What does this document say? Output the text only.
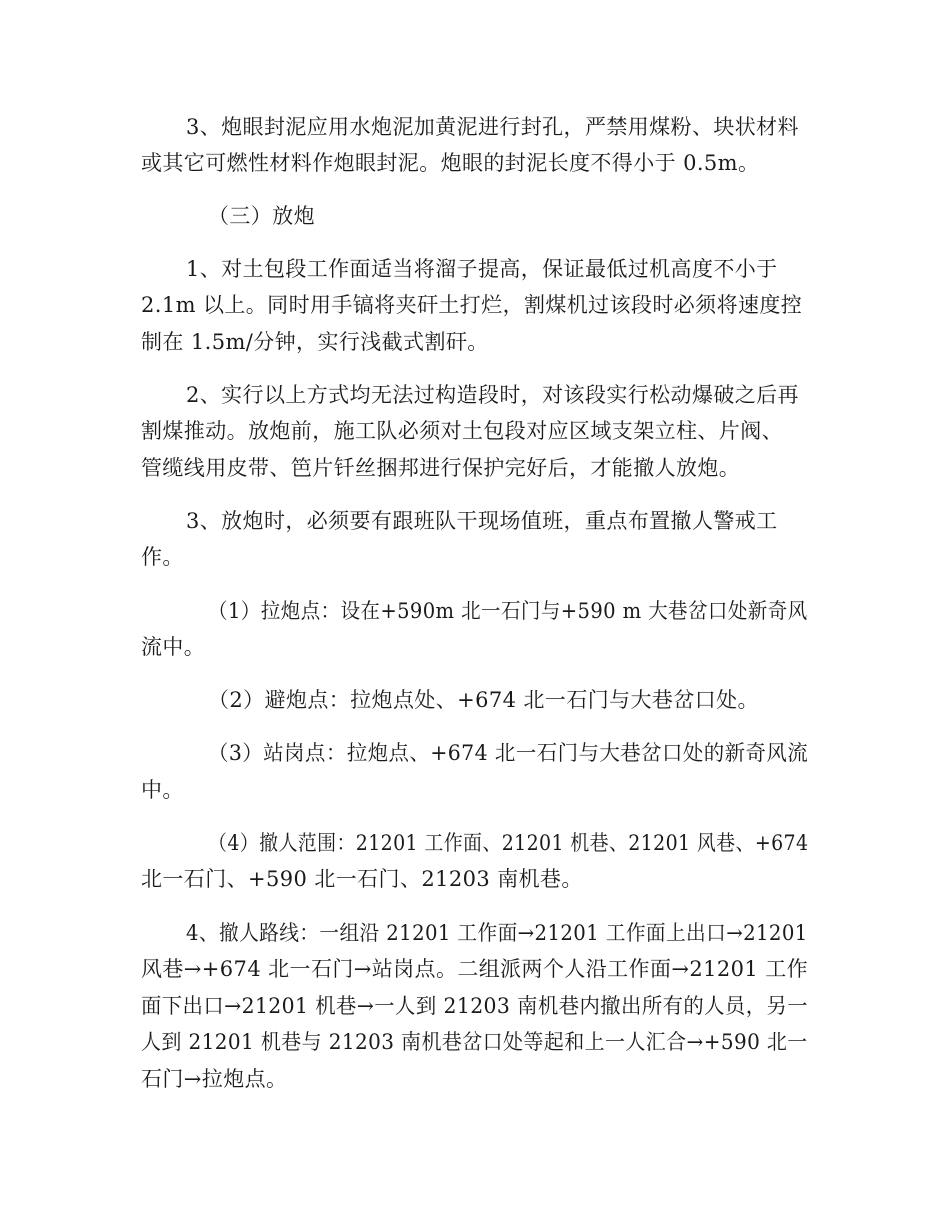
3、炮眼封泥应用水炮泥加黄泥进行封孔，严禁用煤粉、块状材料
或其它可燃性材料作炮眼封泥。炮眼的封泥长度不得小于 0.5m。
（三）放炮
1、对土包段工作面适当将溜子提高，保证最低过机高度不小于
2.1m 以上。同时用手镐将夹矸土打烂，割煤机过该段时必须将速度控
制在 1.5m/分钟，实行浅截式割矸。
2、实行以上方式均无法过构造段时，对该段实行松动爆破之后再
割煤推动。放炮前，施工队必须对土包段对应区域支架立柱、片阀、
管缆线用皮带、笆片钎丝捆邦进行保护完好后，才能撤人放炮。
3、放炮时，必须要有跟班队干现场值班，重点布置撤人警戒工
作。
（1）拉炮点：设在+590m 北一石门与+590 m 大巷岔口处新奇风
流中。
（2）避炮点：拉炮点处、+674 北一石门与大巷岔口处。
（3）站岗点：拉炮点、+674 北一石门与大巷岔口处的新奇风流
中。
（4）撤人范围：21201 工作面、21201 机巷、21201 风巷、+674
北一石门、+590 北一石门、21203 南机巷。
4、撤人路线：一组沿 21201 工作面→21201 工作面上出口→21201
风巷→+674 北一石门→站岗点。二组派两个人沿工作面→21201 工作
面下出口→21201 机巷→一人到 21203 南机巷内撤出所有的人员，另一
人到 21201 机巷与 21203 南机巷岔口处等起和上一人汇合→+590 北一
石门→拉炮点。
